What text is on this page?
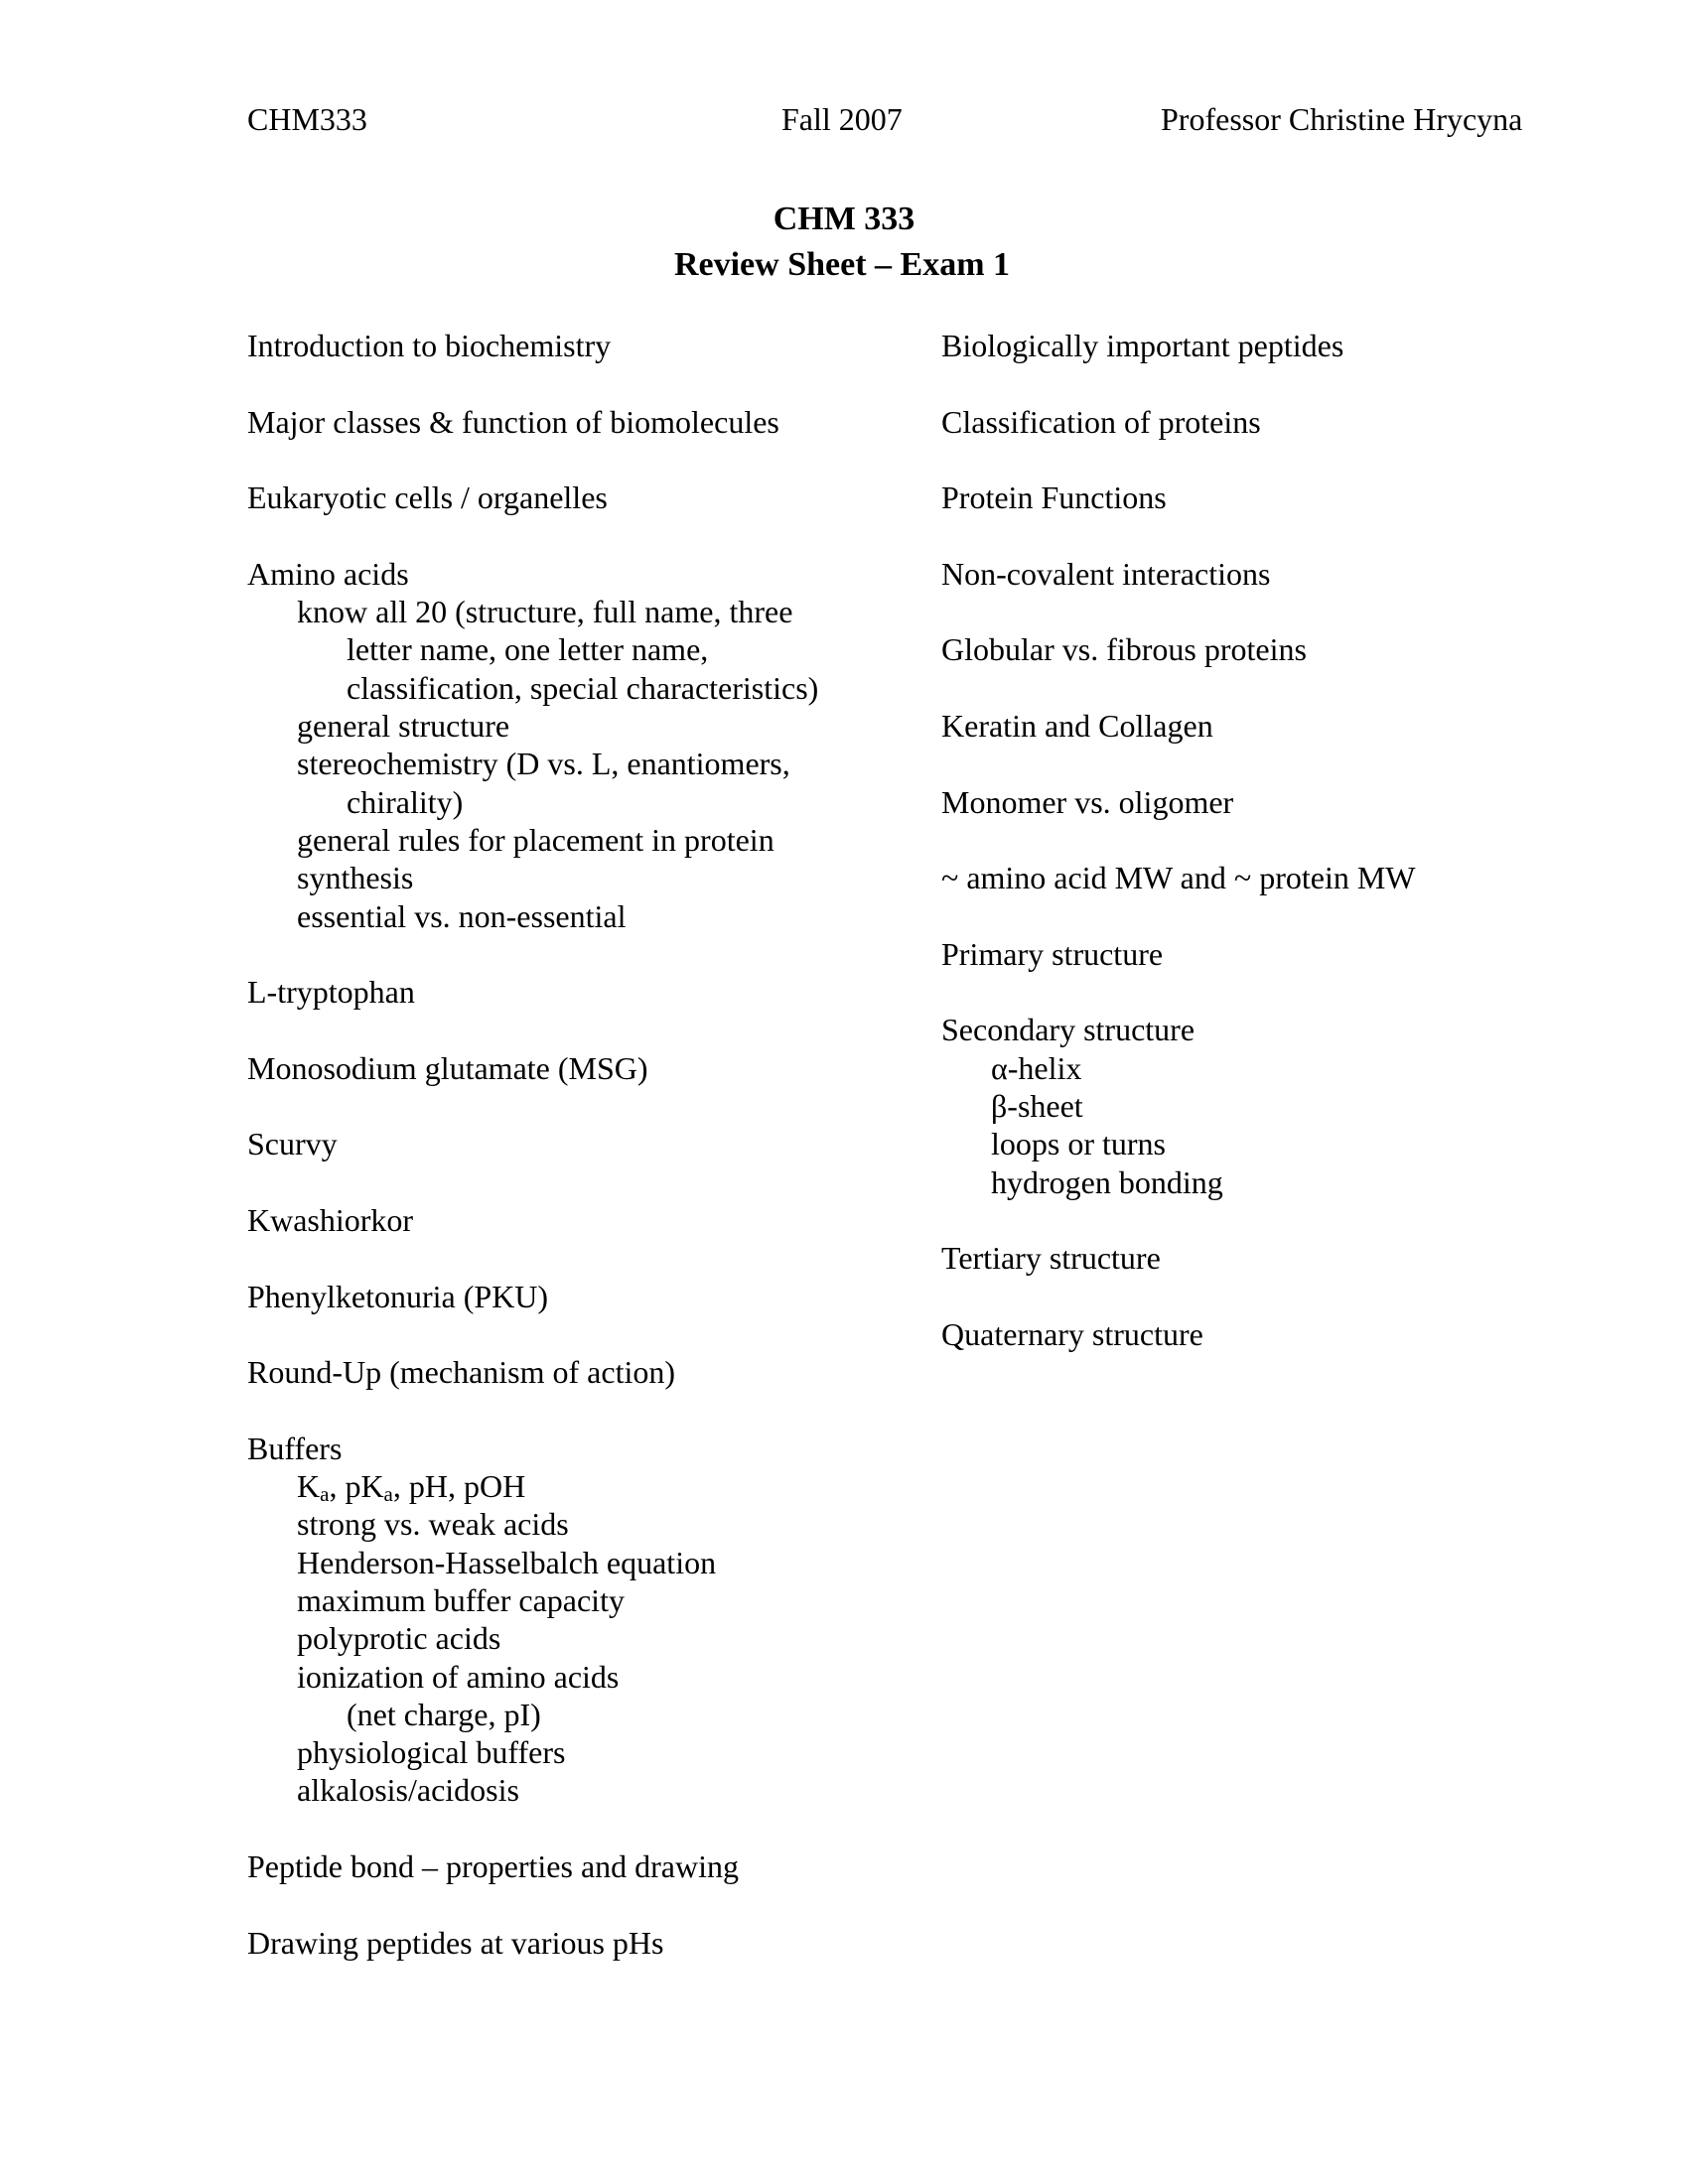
CHM333	Fall 2007	Professor Christine Hrycyna
CHM 333
Review Sheet – Exam 1
Introduction to biochemistry
Major classes & function of biomolecules
Eukaryotic cells / organelles
Amino acids
know all 20 (structure, full name, three
letter name, one letter name,
classification, special characteristics)
general structure
stereochemistry (D vs. L, enantiomers,
chirality)
general rules for placement in protein
synthesis
essential vs. non-essential
L-tryptophan
Monosodium glutamate (MSG)
Scurvy
Kwashiorkor
Phenylketonuria (PKU)
Round-Up (mechanism of action)
Buffers
$K_a$, $pK_a$, pH, pOH
strong vs. weak acids
Henderson-Hasselbalch equation
maximum buffer capacity
polyprotic acids
ionization of amino acids
(net charge, pI)
physiological buffers
alkalosis/acidosis
Peptide bond – properties and drawing
Drawing peptides at various pHs
Biologically important peptides
Classification of proteins
Protein Functions
Non-covalent interactions
Globular vs. fibrous proteins
Keratin and Collagen
Monomer vs. oligomer
~ amino acid MW and ~ protein MW
Primary structure
Secondary structure
α-helix
β-sheet
loops or turns
hydrogen bonding
Tertiary structure
Quaternary structure
